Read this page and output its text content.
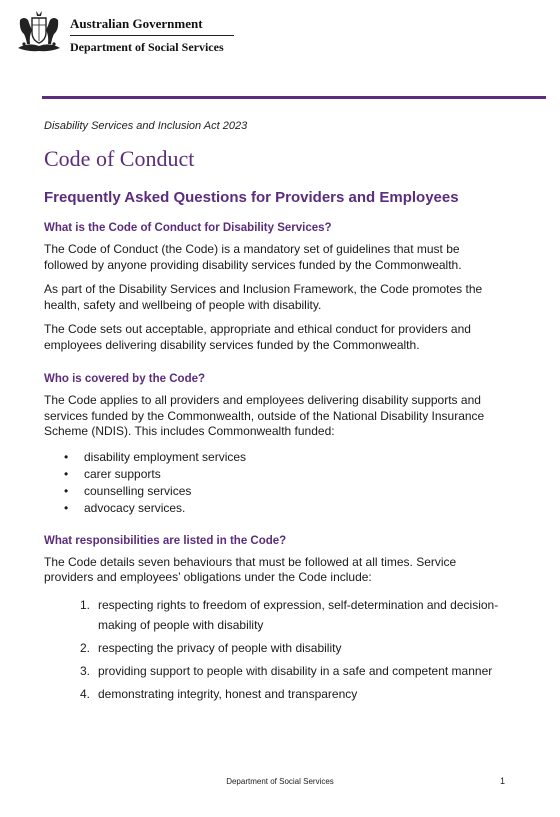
Australian Government
Department of Social Services

Disability Services and Inclusion Act 2023

Code of Conduct
Frequently Asked Questions for Providers and Employees
What is the Code of Conduct for Disability Services?

The Code of Conduct (the Code) is a mandatory set of guidelines that must be followed by anyone providing disability services funded by the Commonwealth.

As part of the Disability Services and Inclusion Framework, the Code promotes the health, safety and wellbeing of people with disability.

The Code sets out acceptable, appropriate and ethical conduct for providers and employees delivering disability services funded by the Commonwealth.

Who is covered by the Code?

The Code applies to all providers and employees delivering disability supports and services funded by the Commonwealth, outside of the National Disability Insurance Scheme (NDIS). This includes Commonwealth funded:

• disability employment services
• carer supports
• counselling services
• advocacy services.
What responsibilities are listed in the Code?

The Code details seven behaviours that must be followed at all times. Service providers and employees’ obligations under the Code include:

1. respecting rights to freedom of expression, self-determination and decision-making of people with disability
2. respecting the privacy of people with disability
3. providing support to people with disability in a safe and competent manner
4. demonstrating integrity, honest and transparency
Department of Social Services	1
